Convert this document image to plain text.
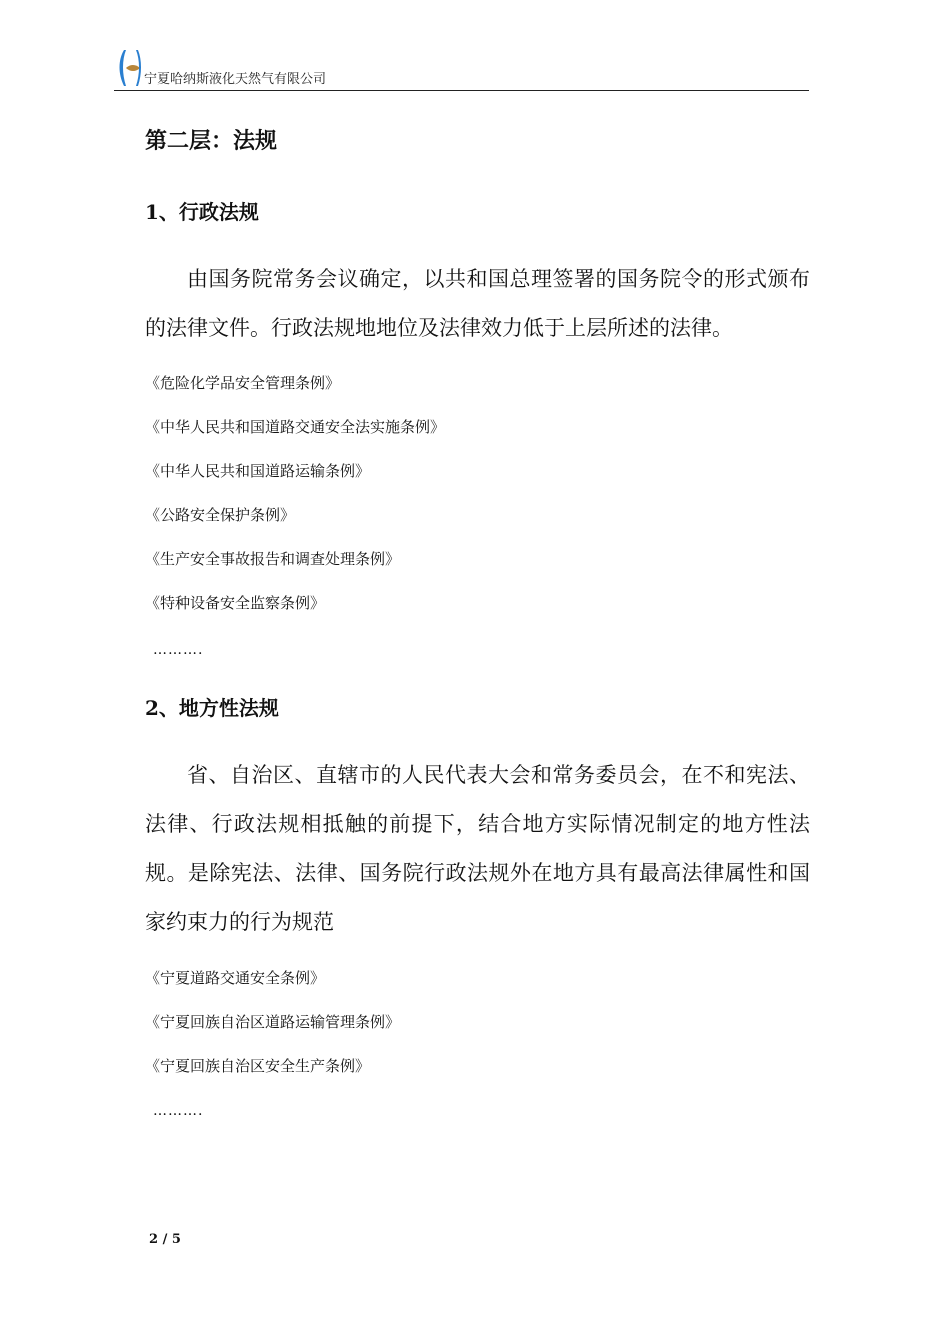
宁夏哈纳斯液化天然气有限公司
第二层：法规
1、行政法规

由国务院常务会议确定，以共和国总理签署的国务院令的形式颁布的法律文件。行政法规地地位及法律效力低于上层所述的法律。

《危险化学品安全管理条例》
《中华人民共和国道路交通安全法实施条例》
《中华人民共和国道路运输条例》
《公路安全保护条例》
《生产安全事故报告和调查处理条例》
《特种设备安全监察条例》
……….
2、地方性法规

省、自治区、直辖市的人民代表大会和常务委员会，在不和宪法、法律、行政法规相抵触的前提下，结合地方实际情况制定的地方性法规。是除宪法、法律、国务院行政法规外在地方具有最高法律属性和国家约束力的行为规范

《宁夏道路交通安全条例》
《宁夏回族自治区道路运输管理条例》
《宁夏回族自治区安全生产条例》
……….
2 / 5
